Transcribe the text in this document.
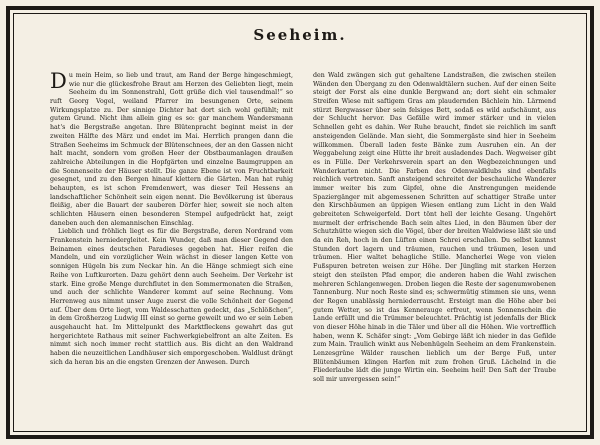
Seeheim.

Du mein Heim, so lieb und traut, am Rand der Berge hingeschmiegt, wie nur die glückesfrohe Braut am Herzen des Geliebten liegt, mein Seeheim du im Sonnenstrahl, Gott grüße dich viel tausendmal!“ so ruft Georg Vogel, weiland Pfarrer im besungenen Orte, seinem Wirkungsplatze zu. Der sinnige Dichter hat dort sich wohl gefühlt; mit gutem Grund. Nicht ihm allein ging es so: gar manchem Wandersmann hat's die Bergstraße angetan. Ihre Blütenpracht beginnt meist in der zweiten Hälfte des März und endet im Mai. Herrlich prangen dann die Straßen Seeheims im Schmuck der Blütenschnees, der an den Gassen nicht halt macht, sondern vom großen Heer der Obstbaumanlagen draußen zahlreiche Abteilungen in die Hopfgärten und einzelne Baumgruppen an die Sonnenseite der Häuser stellt. Die ganze Ebene ist von Fruchtbarkeit gesegnet, und zu den Bergen hinauf klettern die Gärten. Man hat ruhig behaupten, es ist schon Fremdenwert, was dieser Teil Hessens an landschaftlicher Schönheit sein eigen nennt. Die Bevölkerung ist überaus fleißig, aber die Bauart der sauberen Dörfer hier, soweit sie noch alten schlichten Häusern einen besonderen Stempel aufgedrückt hat, zeigt daneben auch den alemannischen Einschlag.

Lieblich und fröhlich liegt es für die Bergstraße, deren Nordrand vom Frankenstein herniedergleitet. Kein Wunder, daß man dieser Gegend den Beinamen eines deutschen Paradieses gegeben hat. Hier reifen die Mandeln, und ein vorzüglicher Wein wächst in dieser langen Kette von sonnigen Hügeln bis zum Neckar hin. An die Hänge schmiegt sich eine Reihe von Luftkurorten. Dazu gehört denn auch Seeheim. Der Verkehr ist stark. Eine große Menge durchflutet in den Sommermonaten die Straßen, und auch der schlichte Wanderer kommt auf seine Rechnung. Vom Herrenweg aus nimmt unser Auge zuerst die volle Schönheit der Gegend auf. Über dem Orte liegt, vom Waldesschatten gedeckt, das „Schlößchen“, in dem Großherzog Ludwig III einst so gerne geweilt und wo er sein Leben ausgehaucht hat. Im Mittelpunkt des Marktfleckens gewahrt das gut hergerichtete Rathaus mit seiner Fachwerkgiebelfront an alte Zeiten. Es nimmt sich noch immer recht stattlich aus. Bis dicht an den Waldrand haben die neuzeitlichen Landhäuser sich emporgeschoben. Waldlust drängt sich da heran bis an die engsten Grenzen der Anwesen. Durch

den Wald zwängen sich gut gehaltene Landstraßen, die zwischen steilen Wänden den Übergang zu den Odenwaldtälern suchen. Auf der einen Seite steigt der Forst als eine dunkle Bergwand an; dort sieht ein schmaler Streifen Wiese mit saftigem Gras am plaudernden Bächlein hin. Lärmend stürzt Bergwasser über sein felsiges Bett, sodaß es wild aufschäumt, aus der Schlucht hervor. Das Gefälle wird immer stärker und in vielen Schnellen geht es dahin. Wer Ruhe braucht, findet sie reichlich im sanft ansteigenden Gelände. Man sieht, die Sommergäste sind hier in Seeheim willkommen. Überall laden feste Bänke zum Ausruhen ein. An der Weggabelung zeigt eine Hütte ihr breit ausladendes Dach. Wegweiser gibt es in Fülle. Der Verkehrsverein spart an den Wegbezeichnungen und Wanderkarten nicht. Die Farben des Odenwaldklubs sind ebenfalls reichlich vertreten. Sanft ansteigend schreitet der beschauliche Wanderer immer weiter bis zum Gipfel, ohne die Anstrengungen meidende Spaziergänger mit abgemessenen Schritten auf schattiger Straße unter den Kirschbäumen an üppigen Wiesen entlang zum Licht in den Wald gebreiteten Schweigerfeld. Dort tönt hell der leichte Gesang. Ungehört murmelt der erfrischende Bach sein altes Lied, in den Bäumen über der Schutzhütte wiegen sich die Vögel, über der breiten Waldwiese läßt sie und da ein Reh, hoch in den Lüften einen Schrei erschallen. Du selbst kannst Stunden dort lagern und träumen, rauchen und träumen, lesen und träumen. Hier waltet behagliche Stille. Mancherlei Wege von vielen Fußspuren betreten weisen zur Höhe. Der Jüngling mit starken Herzen steigt den steilsten Pfad empor, die anderen haben die Wahl zwischen mehreren Schlangenwegen. Droben liegen die Reste der sagenumwobenen Tannenburg. Nur noch Reste sind es; schwermütig stimmen sie uns, wenn der Regen unablässig herniederrauscht. Ersteigt man die Höhe aber bei gutem Wetter, so ist das Kennerauge erfreut, wenn Sonnenschein die Lande erfüllt und die Trümmer beleuchtet. Prächtig ist jedenfalls der Blick von dieser Höhe hinab in die Täler und über all die Höhen. Wie vortrefflich haben, wenn K. Schäfer singt: „Vom Gebirge läßt ich nieder in das Gefilde zum Main. Traulich winkt aus Nebenhügeln Seeheim an dem Frankenstein. Lenzesgrüne Wälder rauschen lieblich um der Berge Fuß, unter Blütenbäumen klingen Harfen mit zum frohen Gruß. Lächelnd in die Fliederlaube lädt die junge Wirtin ein. Seeheim heil! Den Saft der Traube soll mir unvergessen sein!“
